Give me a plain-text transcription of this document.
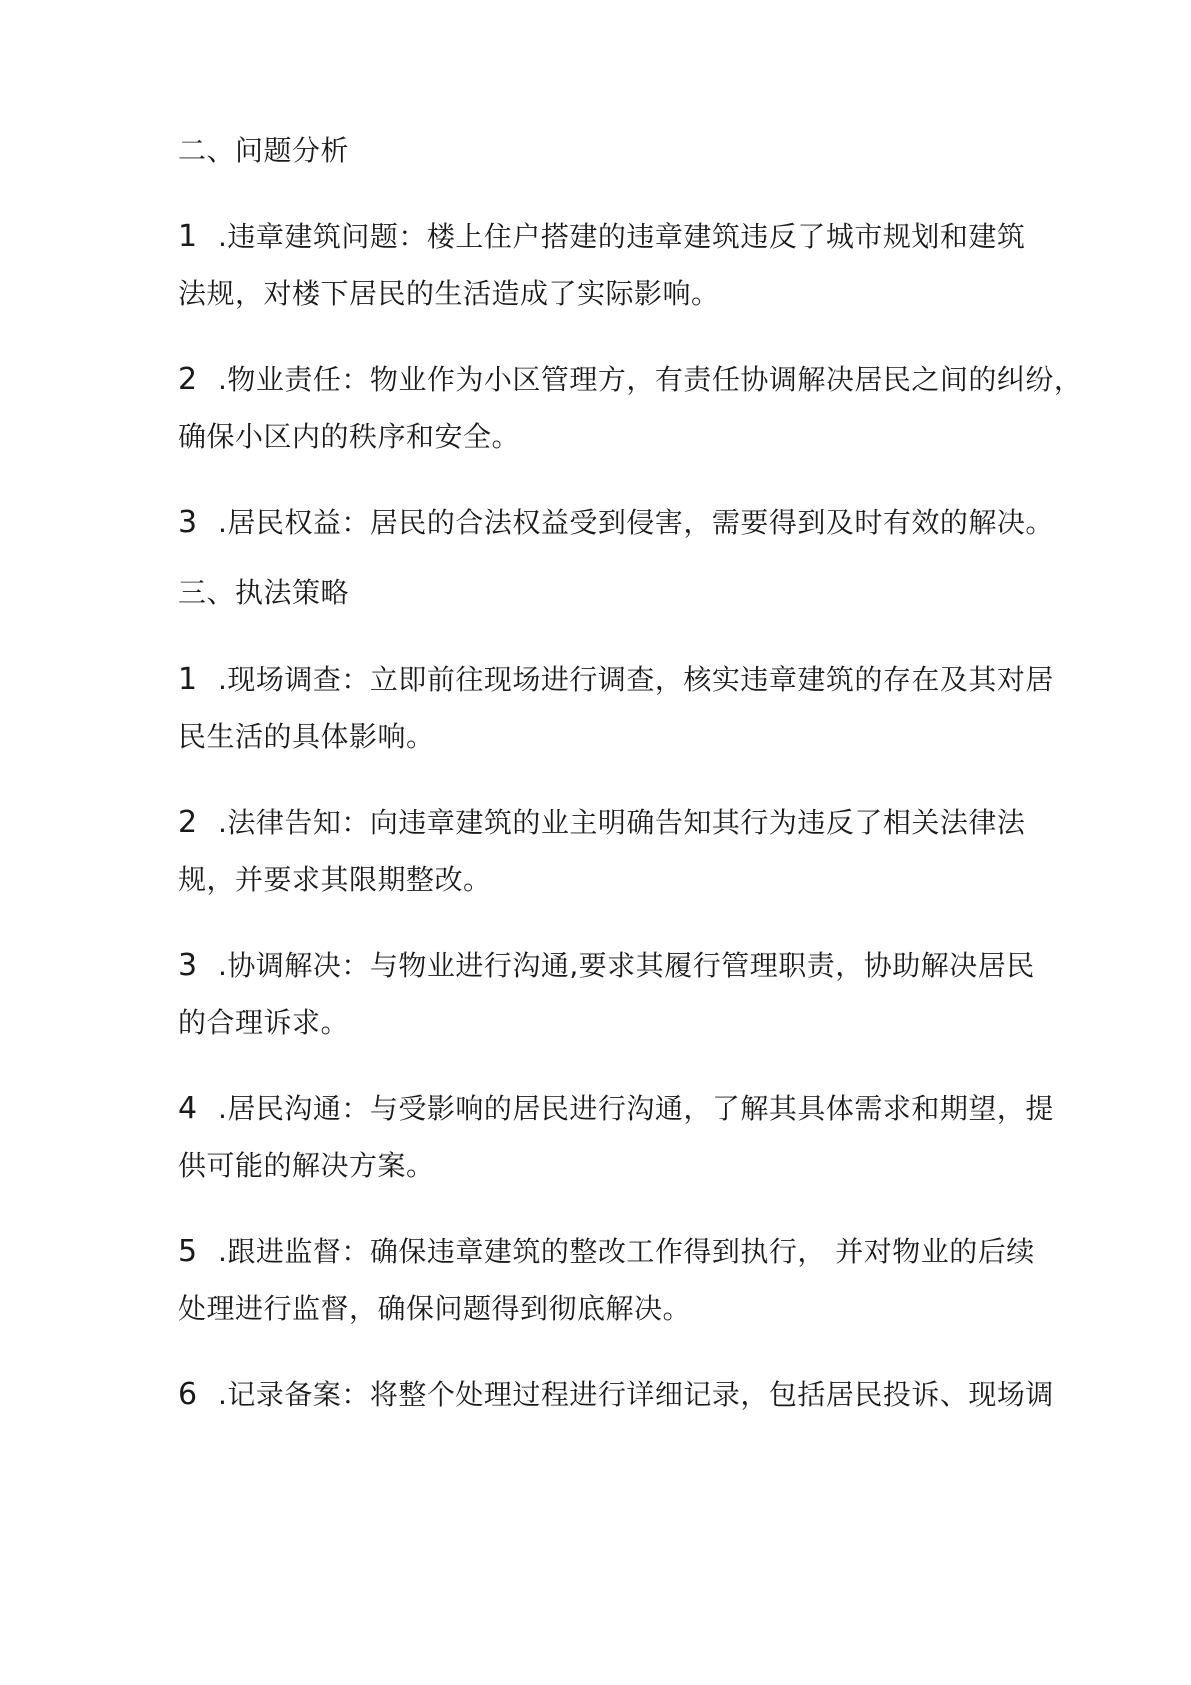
二、问题分析
1 .违章建筑问题：楼上住户搭建的违章建筑违反了城市规划和建筑
法规，对楼下居民的生活造成了实际影响。
2 .物业责任：物业作为小区管理方，有责任协调解决居民之间的纠纷，
确保小区内的秩序和安全。
3 .居民权益：居民的合法权益受到侵害，需要得到及时有效的解决。
三、执法策略
1 .现场调查：立即前往现场进行调查，核实违章建筑的存在及其对居
民生活的具体影响。
2 .法律告知：向违章建筑的业主明确告知其行为违反了相关法律法
规，并要求其限期整改。
3 .协调解决：与物业进行沟通,要求其履行管理职责，协助解决居民
的合理诉求。
4 .居民沟通：与受影响的居民进行沟通，了解其具体需求和期望，提
供可能的解决方案。
5 .跟进监督：确保违章建筑的整改工作得到执行， 并对物业的后续
处理进行监督，确保问题得到彻底解决。
6 .记录备案：将整个处理过程进行详细记录，包括居民投诉、现场调
